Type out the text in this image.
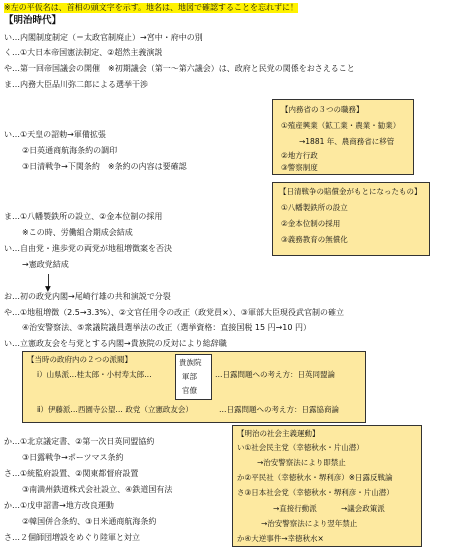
※左の平仮名は、首相の頭文字を示す。地名は、地図で確認することを忘れずに！
【明治時代】
い…内閣制度制定（＝太政官制廃止）→宮中・府中の別
く…①大日本帝国憲法制定、②超然主義演説
や…第一回帝国議会の開催　※初期議会（第一〜第六議会）は、政府と民党の関係をおさえること
ま…内務大臣品川弥二郎による選挙干渉
【内務省の３つの職務】
①殖産興業（鉱工業・農業・勧業）
→1881 年、農商務省に移管
②地方行政
③警察制度
い…①天皇の詔勅→軍備拡張
②日英通商航海条約の調印
③日清戦争→下関条約　※条約の内容は要確認
【日清戦争の賠償金がもとになったもの】
①八幡製鉄所の設立
②金本位制の採用
③義務教育の無償化
ま…①八幡製鉄所の設立、②金本位制の採用
※この時、労働組合期成会結成
い…自由党・進歩党の両党が地租増徴案を否決
→憲政党結成
▼
お…初の政党内閣→尾崎行雄の共和演説で分裂
や…①地租増徴（2.5→3.3%）、②文官任用令の改正（政党員×）、③軍部大臣現役武官制の確立
④治安警察法、⑤衆議院議員選挙法の改正（選挙資格：直接国税 15 円→10 円）
い…立憲政友会を与党とする内閣→貴族院の反対により総辞職
【当時の政府内の２つの派閥】
ⅰ）山県派…桂太郎・小村寿太郎…
貴族院
軍部
官僚
…日露問題への考え方：日英同盟論
ⅱ）伊藤派…西園寺公望… 政党（立憲政友会）	…日露問題への考え方：日露協商論
か…①北京議定書、②第一次日英同盟協約
③日露戦争→ポーツマス条約
さ…①統監府設置、②関東都督府設置
③南満州鉄道株式会社設立、④鉄道国有法
か…①戊申詔書→地方改良運動
②韓国併合条約、③日米通商航海条約
さ…２個師団増設をめぐり陸軍と対立
【明治の社会主義運動】
い①社会民主党（幸徳秋水・片山潜）
→治安警察法により即禁止
か②平民社（幸徳秋水・堺利彦）※日露反戦論
さ③日本社会党（幸徳秋水・堺利彦・片山潜）
→直接行動派	→議会政策派
→治安警察法により翌年禁止
か④大逆事件→幸徳秋水×
